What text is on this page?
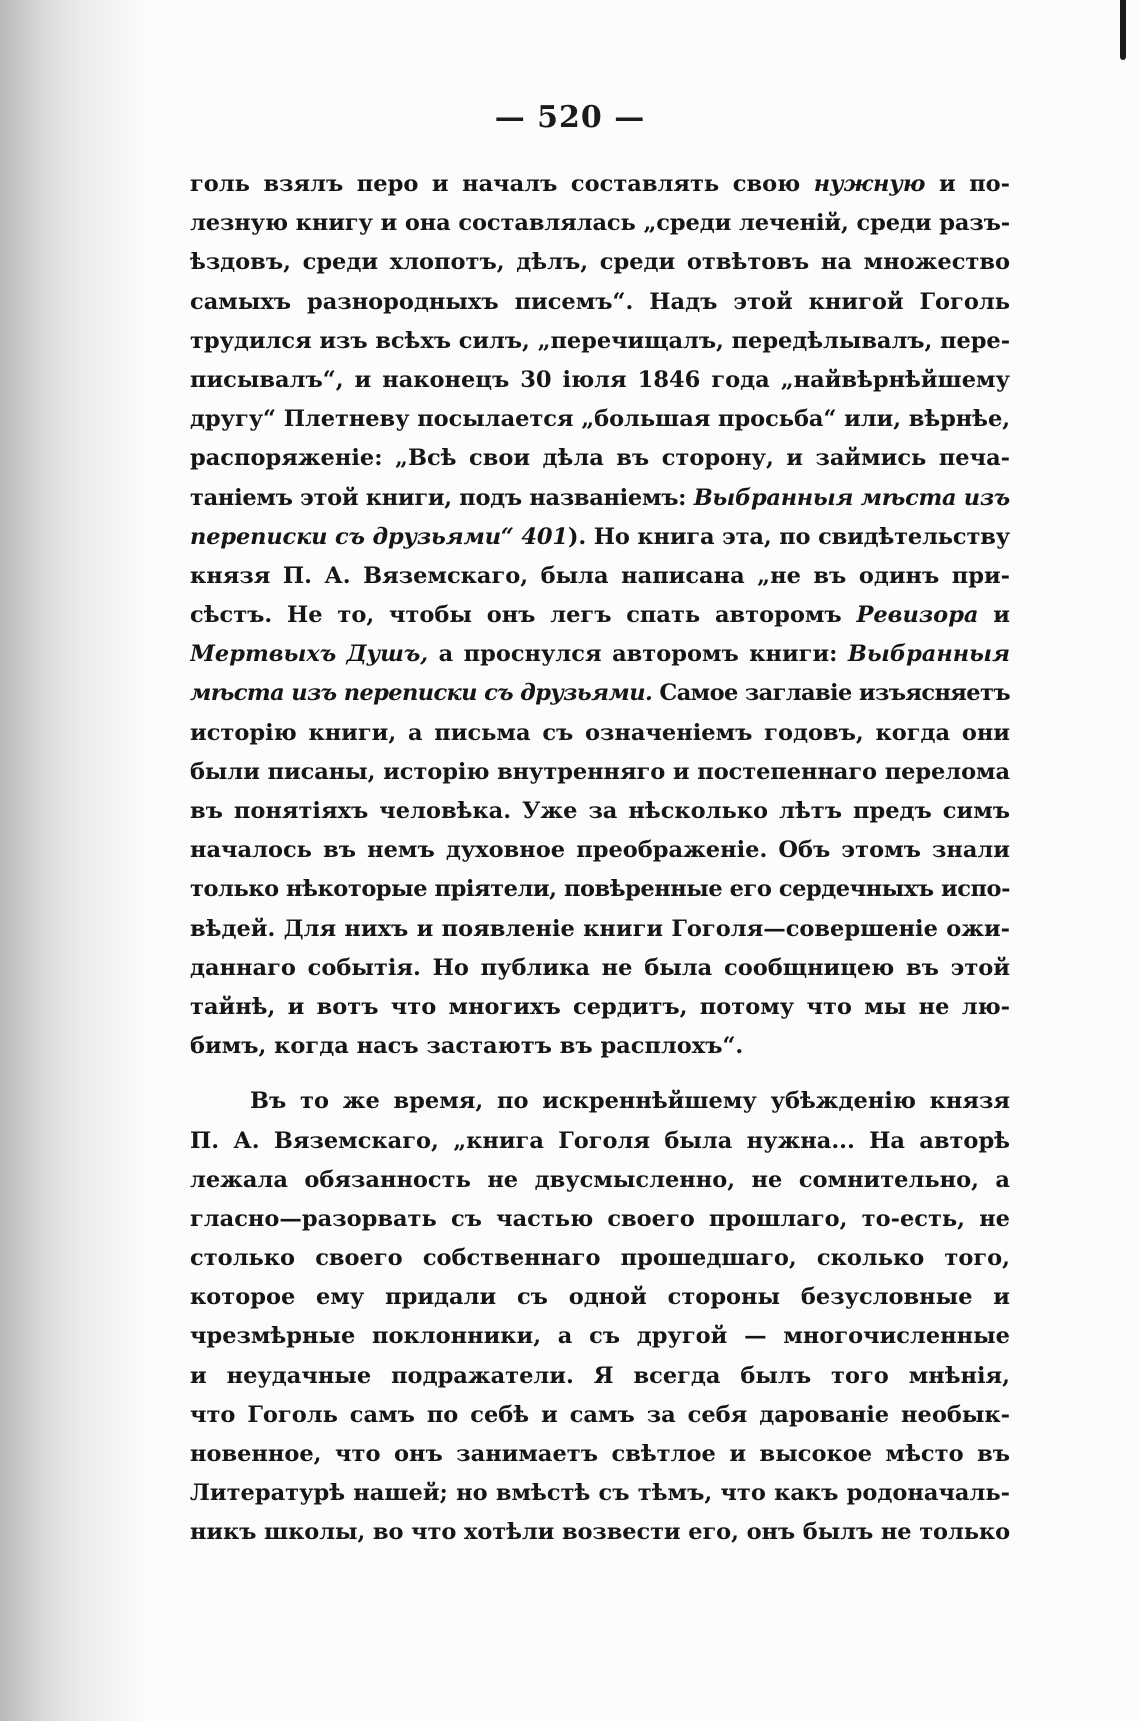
— 520 —

голь взялъ перо и началъ составлять свою нужную и по-
лезную книгу и она составлялась „среди леченій, среди разъ-
ѣздовъ, среди хлопотъ, дѣлъ, среди отвѣтовъ на множество
самыхъ разнородныхъ писемъ“. Надъ этой книгой Гоголь
трудился изъ всѣхъ силъ, „перечищалъ, передѣлывалъ, пере-
писывалъ“, и наконецъ 30 іюля 1846 года „найвѣрнѣйшему
другу“ Плетневу посылается „большая просьба“ или, вѣрнѣе,
распоряженіе: „Всѣ свои дѣла въ сторону, и займись печа-
таніемъ этой книги, подъ названіемъ: Выбранныя мѣста изъ
переписки съ друзьями“ 401). Но книга эта, по свидѣтельству
князя П. А. Вяземскаго, была написана „не въ одинъ при-
сѣстъ. Не то, чтобы онъ легъ спать авторомъ Ревизора и
Мертвыхъ Душъ, а проснулся авторомъ книги: Выбранныя
мѣста изъ переписки съ друзьями. Самое заглавіе изъясняетъ
исторію книги, а письма съ означеніемъ годовъ, когда они
были писаны, исторію внутренняго и постепеннаго перелома
въ понятіяхъ человѣка. Уже за нѣсколько лѣтъ предъ симъ
началось въ немъ духовное преображеніе. Объ этомъ знали
только нѣкоторые пріятели, повѣренные его сердечныхъ испо-
вѣдей. Для нихъ и появленіе книги Гоголя—совершеніе ожи-
даннаго событія. Но публика не была сообщницею въ этой
тайнѣ, и вотъ что многихъ сердитъ, потому что мы не лю-
бимъ, когда насъ застаютъ въ расплохъ“.
Въ то же время, по искреннѣйшему убѣжденію князя
П. А. Вяземскаго, „книга Гоголя была нужна... На авторѣ
лежала обязанность не двусмысленно, не сомнительно, а
гласно—разорвать съ частью своего прошлаго, то-есть, не
столько своего собственнаго прошедшаго, сколько того,
которое ему придали съ одной стороны безусловные и
чрезмѣрные поклонники, а съ другой — многочисленные
и неудачные подражатели. Я всегда былъ того мнѣнія,
что Гоголь самъ по себѣ и самъ за себя дарованіе необык-
новенное, что онъ занимаетъ свѣтлое и высокое мѣсто въ
Литературѣ нашей; но вмѣстѣ съ тѣмъ, что какъ родоначаль-
никъ школы, во что хотѣли возвести его, онъ былъ не только
